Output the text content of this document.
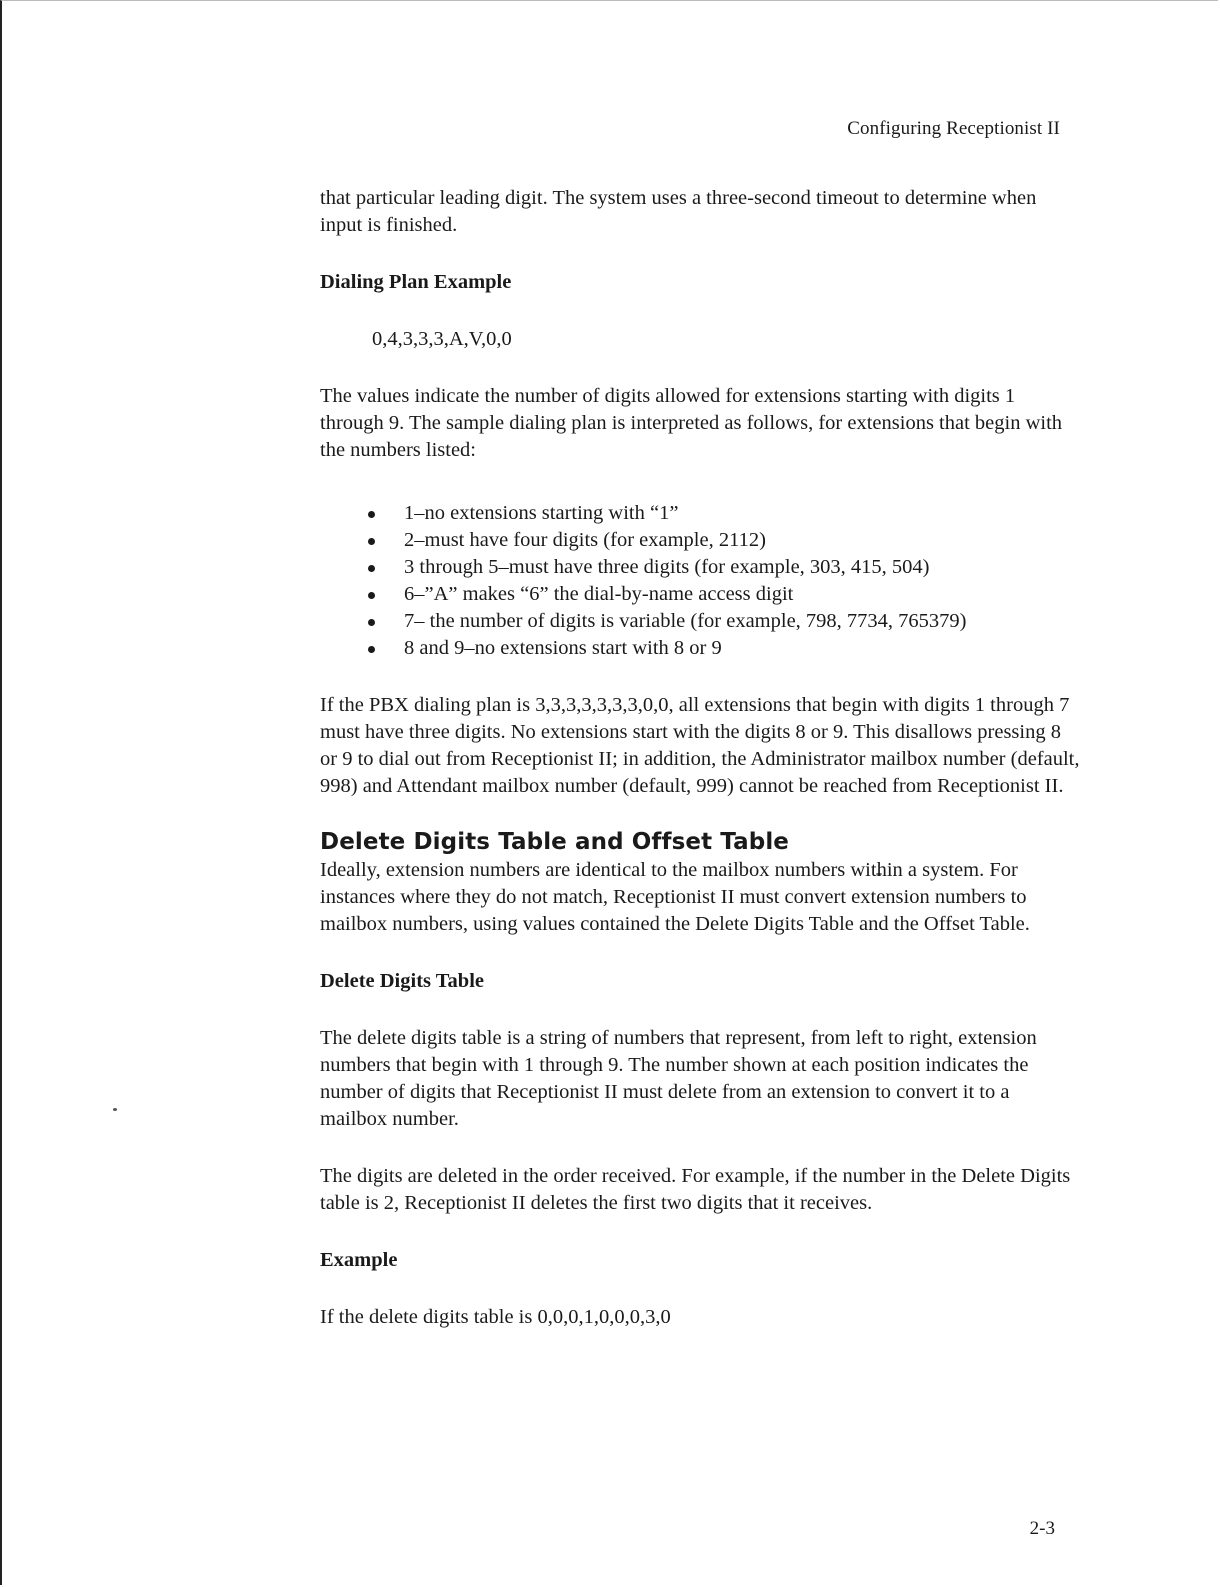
Configuring Receptionist II

that particular leading digit. The system uses a three-second timeout to determine when input is finished.

Dialing Plan Example

0,4,3,3,3,A,V,0,0

The values indicate the number of digits allowed for extensions starting with digits 1 through 9. The sample dialing plan is interpreted as follows, for extensions that begin with the numbers listed:

1–no extensions starting with “1”
2–must have four digits (for example, 2112)
3 through 5–must have three digits (for example, 303, 415, 504)
6–”A” makes “6” the dial-by-name access digit
7– the number of digits is variable (for example, 798, 7734, 765379)
8 and 9–no extensions start with 8 or 9

If the PBX dialing plan is 3,3,3,3,3,3,3,0,0, all extensions that begin with digits 1 through 7 must have three digits. No extensions start with the digits 8 or 9. This disallows pressing 8 or 9 to dial out from Receptionist II; in addition, the Administrator mailbox number (default, 998) and Attendant mailbox number (default, 999) cannot be reached from Receptionist II.

Delete Digits Table and Offset Table

Ideally, extension numbers are identical to the mailbox numbers within a system. For instances where they do not match, Receptionist II must convert extension numbers to mailbox numbers, using values contained the Delete Digits Table and the Offset Table.

Delete Digits Table

The delete digits table is a string of numbers that represent, from left to right, extension numbers that begin with 1 through 9. The number shown at each position indicates the number of digits that Receptionist II must delete from an extension to convert it to a mailbox number.

The digits are deleted in the order received. For example, if the number in the Delete Digits table is 2, Receptionist II deletes the first two digits that it receives.

Example

If the delete digits table is 0,0,0,1,0,0,0,3,0

2-3
